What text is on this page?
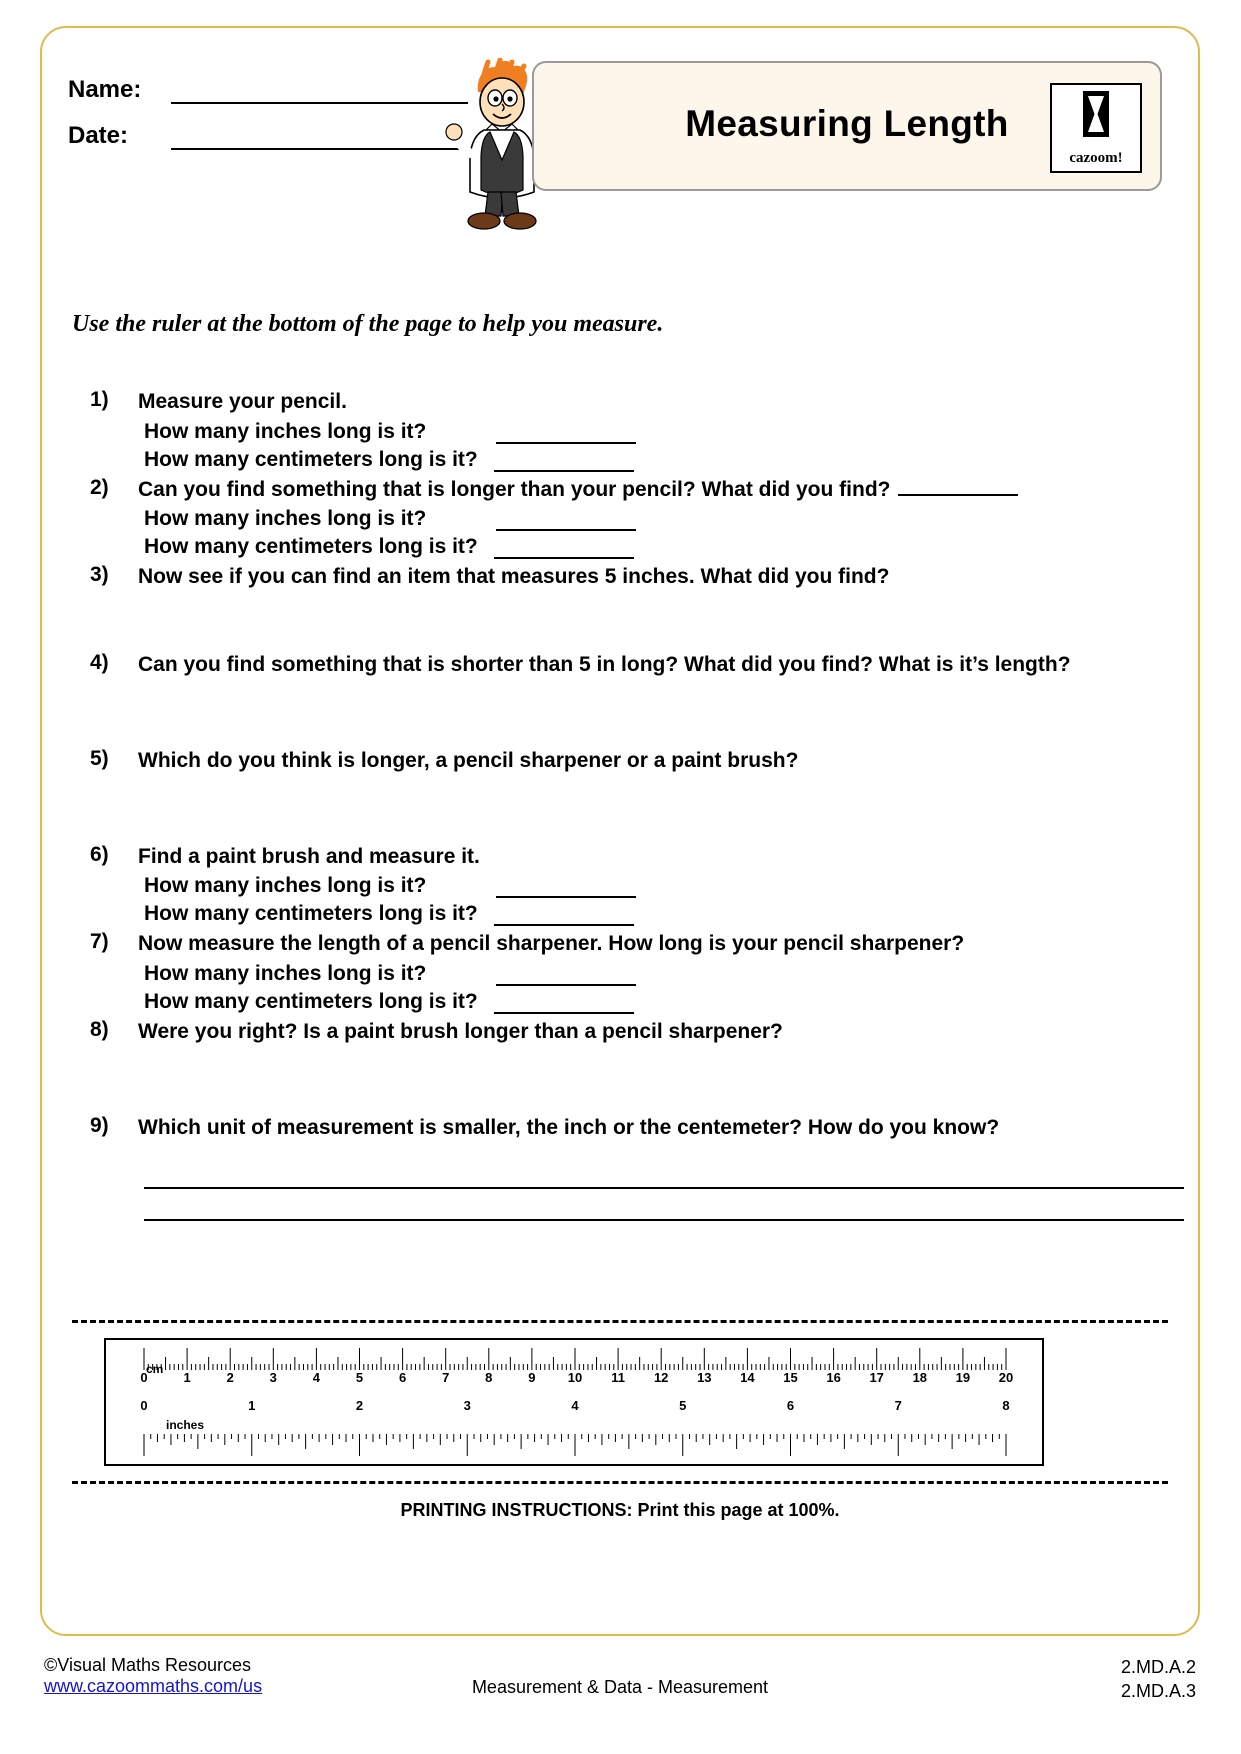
Name:
Date:	Measuring Length
cazoom!
Use the ruler at the bottom of the page to help you measure.
1)	Measure your pencil.
How many inches long is it?
How many centimeters long is it?
2)	Can you find something that is longer than your pencil? What did you find?
How many inches long is it?
How many centimeters long is it?
3)	Now see if you can find an item that measures 5 inches. What did you find?
4)	Can you find something that is shorter than 5 in long? What did you find? What is it’s length?
5)	Which do you think is longer, a pencil sharpener or a paint brush?
6)	Find a paint brush and measure it.
How many inches long is it?
How many centimeters long is it?
7)	Now measure the length of a pencil sharpener. How long is your pencil sharpener?
How many inches long is it?
How many centimeters long is it?
8)	Were you right? Is a paint brush longer than a pencil sharpener?
9)	Which unit of measurement is smaller, the inch or the centemeter? How do you know?
cm
inches
0	1	2	3	4	5	6	7	8	9 10 11 12 13 14 15 16 17 18 19 20
0	1	2	3	4	5	6	7	8
PRINTING INSTRUCTIONS: Print this page at 100%.
©Visual Maths Resources
www.cazoommaths.com/us	Measurement & Data - Measurement
2.MD.A.2
2.MD.A.3
